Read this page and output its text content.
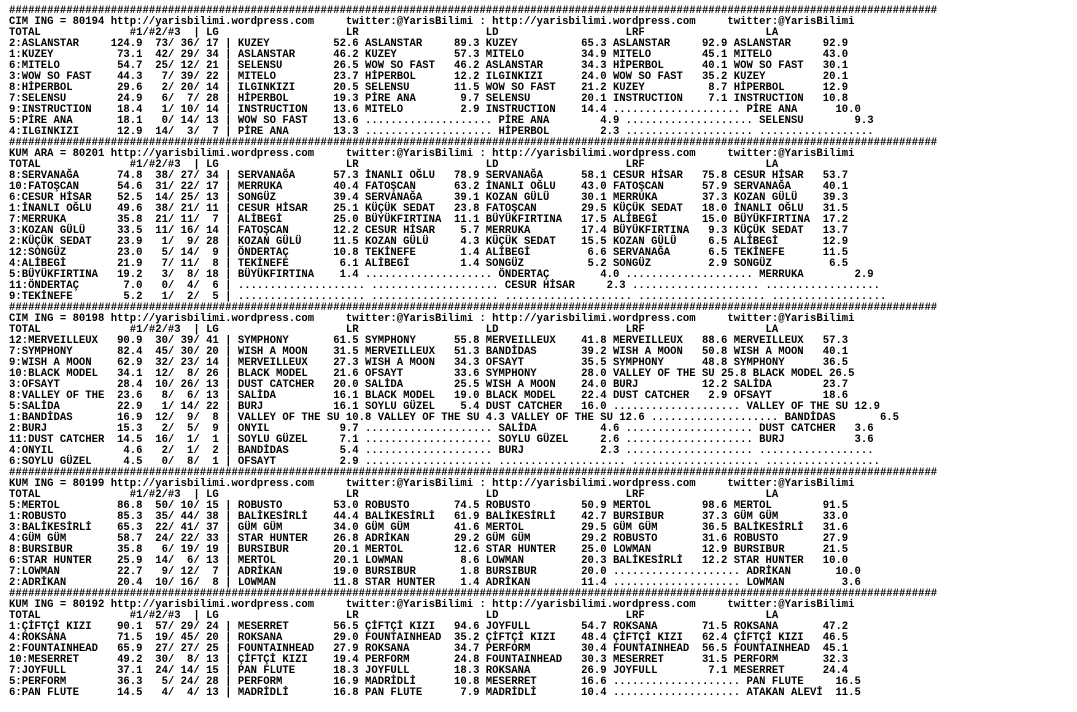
##################################################################################################################################################
CIM ING = 80194 http://yarisbilimi.wordpress.com     twitter:@YarisBilimi : http://yarisbilimi.wordpress.com     twitter:@YarisBilimi
TOTAL              #1/#2/#3  | LG                    LR                    LD                    LRF                   LA
2:ASLANSTAR     124.9  73/ 36/ 17 | KUZEY          52.6 ASLANSTAR     89.3 KUZEY          65.3 ASLANSTAR     92.9 ASLANSTAR     92.9
1:KUZEY          73.1  42/ 29/ 34 | ASLANSTAR      46.2 KUZEY         57.3 MITELO         34.9 MITELO        45.1 MITELO        43.0
6:MITELO         54.7  25/ 12/ 21 | SELENSU        26.5 WOW SO FAST   46.2 ASLANSTAR      34.3 HİPERBOL      40.1 WOW SO FAST   30.1
3:WOW SO FAST    44.3   7/ 39/ 22 | MITELO         23.7 HİPERBOL      12.2 ILGINKIZI      24.0 WOW SO FAST   35.2 KUZEY         20.1
8:HİPERBOL       29.6   2/ 20/ 14 | ILGINKIZI      20.5 SELENSU       11.5 WOW SO FAST    21.2 KUZEY          8.7 HİPERBOL      12.9
7:SELENSU        24.9   6/  7/ 28 | HİPERBOL       19.3 PİRE ANA       9.7 SELENSU        20.1 INSTRUCTION    7.1 INSTRUCTION   10.8
9:INSTRUCTION    18.4   1/ 10/ 14 | INSTRUCTION    13.6 MITELO         2.9 INSTRUCTION    14.4 .................... PİRE ANA      10.0
5:PİRE ANA       18.1   0/ 14/ 13 | WOW SO FAST    13.6 .................... PİRE ANA        4.9 .................... SELENSU        9.3
4:ILGINKIZI      12.9  14/  3/  7 | PİRE ANA       13.3 .................... HİPERBOL        2.3 .................... ..................
##################################################################################################################################################
KUM ARA = 80201 http://yarisbilimi.wordpress.com     twitter:@YarisBilimi : http://yarisbilimi.wordpress.com     twitter:@YarisBilimi
TOTAL              #1/#2/#3  | LG                    LR                    LD                    LRF                   LA
8:SERVANAĞA      74.8  38/ 27/ 34 | SERVANAĞA      57.3 İNANLI OĞLU   78.9 SERVANAĞA      58.1 CESUR HİSAR   75.8 CESUR HİSAR   53.7
10:FATOŞCAN      54.6  31/ 22/ 17 | MERRUKA        40.4 FATOŞCAN      63.2 İNANLI OĞLU    43.0 FATOŞCAN      57.9 SERVANAĞA     40.1
6:CESUR HİSAR    52.5  14/ 25/ 13 | SONGÜZ         39.4 SERVANAĞA     39.1 KOZAN GÜLÜ     30.1 MERRUKA       37.3 KOZAN GÜLÜ    39.3
1:İNANLI OĞLU    49.6  38/ 21/ 11 | CESUR HİSAR    25.1 KÜÇÜK SEDAT   23.8 FATOŞCAN       29.5 KÜÇÜK SEDAT   18.0 İNANLI OĞLU   31.5
7:MERRUKA        35.8  21/ 11/  7 | ALİBEGİ        25.0 BÜYÜKFIRTINA  11.1 BÜYÜKFIRTINA   17.5 ALİBEGİ       15.0 BÜYÜKFIRTINA  17.2
3:KOZAN GÜLÜ     33.5  11/ 16/ 14 | FATOŞCAN       12.2 CESUR HİSAR    5.7 MERRUKA        17.4 BÜYÜKFIRTINA   9.3 KÜÇÜK SEDAT   13.7
2:KÜÇÜK SEDAT    23.9   1/  9/ 28 | KOZAN GÜLÜ     11.5 KOZAN GÜLÜ     4.3 KÜÇÜK SEDAT    15.5 KOZAN GÜLÜ     6.5 ALİBEGİ       12.9
12:SONGÜZ        23.0   5/ 14/  9 | ÖNDERTAÇ       10.8 TEKİNEFE       1.4 ALİBEGİ         6.6 SERVANAĞA      6.5 TEKİNEFE      11.5
4:ALİBEGİ        21.9   7/ 11/  8 | TEKİNEFE        6.1 ALİBEGİ        1.4 SONGÜZ          5.2 SONGÜZ         2.9 SONGÜZ         6.5
5:BÜYÜKFIRTINA   19.2   3/  8/ 18 | BÜYÜKFIRTINA    1.4 .................... ÖNDERTAÇ        4.0 .................... MERRUKA        2.9
11:ÖNDERTAÇ       7.0   0/  4/  6 | .................... .................... CESUR HİSAR     2.3 .................... ..................
9:TEKİNEFE        5.2   1/  2/  5 | .................... .................... .................... .................... ..................
##################################################################################################################################################
CIM ING = 80198 http://yarisbilimi.wordpress.com     twitter:@YarisBilimi : http://yarisbilimi.wordpress.com     twitter:@YarisBilimi
TOTAL              #1/#2/#3  | LG                    LR                    LD                    LRF                   LA
12:MERVEILLEUX   90.9  30/ 39/ 41 | SYMPHONY       61.5 SYMPHONY      55.8 MERVEILLEUX    41.8 MERVEILLEUX   88.6 MERVEILLEUX   57.3
7:SYMPHONY       82.4  45/ 30/ 20 | WISH A MOON    31.5 MERVEILLEUX   51.3 BANDİDAS       39.2 WISH A MOON   50.8 WISH A MOON   40.1
9:WISH A MOON    62.9  32/ 23/ 14 | MERVEILLEUX    27.3 WISH A MOON   34.3 OFSAYT         35.5 SYMPHONY      48.8 SYMPHONY      36.5
10:BLACK MODEL   34.1  12/  8/ 26 | BLACK MODEL    21.6 OFSAYT        33.6 SYMPHONY       28.0 VALLEY OF THE SU 25.8 BLACK MODEL 26.5
3:OFSAYT         28.4  10/ 26/ 13 | DUST CATCHER   20.0 SALİDA        25.5 WISH A MOON    24.0 BURJ          12.2 SALİDA        23.7
8:VALLEY OF THE  23.6   8/  6/ 13 | SALİDA         16.1 BLACK MODEL   19.0 BLACK MODEL    22.4 DUST CATCHER   2.9 OFSAYT        18.6
5:SALİDA         22.9   1/ 14/ 22 | BURJ           16.1 SOYLU GÜZEL    5.4 DUST CATCHER   16.0 .................... VALLEY OF THE SU 12.9
1:BANDİDAS       16.9  12/  9/  8 | VALLEY OF THE SU 10.8 VALLEY OF THE SU 4.3 VALLEY OF THE SU 12.6 .................... BANDİDAS       6.5
2:BURJ           15.3   2/  5/  9 | ONYIL           9.7 .................... SALİDA          4.6 .................... DUST CATCHER   3.6
11:DUST CATCHER  14.5  16/  1/  1 | SOYLU GÜZEL     7.1 .................... SOYLU GÜZEL     2.6 .................... BURJ           3.6
4:ONYIL           4.6   2/  1/  2 | BANDİDAS        5.4 .................... BURJ            2.3 .................... ..................
6:SOYLU GÜZEL     4.5   0/  8/  1 | OFSAYT          2.9 .................... .................... .................... ..................
##################################################################################################################################################
KUM ING = 80199 http://yarisbilimi.wordpress.com     twitter:@YarisBilimi : http://yarisbilimi.wordpress.com     twitter:@YarisBilimi
TOTAL              #1/#2/#3  | LG                    LR                    LD                    LRF                   LA
5:MERTOL         86.8  50/ 10/ 15 | ROBUSTO        53.0 ROBUSTO       74.5 ROBUSTO        50.9 MERTOL        98.6 MERTOL        91.5
1:ROBUSTO        85.3  35/ 44/ 38 | BALİKESİRLİ    44.4 BALİKESİRLİ   61.9 BALİKESİRLİ    42.7 BURSIBUR      37.3 GÜM GÜM       33.0
3:BALİKESİRLİ    65.3  22/ 41/ 37 | GÜM GÜM        34.0 GÜM GÜM       41.6 MERTOL         29.5 GÜM GÜM       36.5 BALİKESİRLİ   31.6
4:GÜM GÜM        58.7  24/ 22/ 33 | STAR HUNTER    26.8 ADRİKAN       29.2 GÜM GÜM        29.2 ROBUSTO       31.6 ROBUSTO       27.9
8:BURSIBUR       35.8   6/ 19/ 19 | BURSIBUR       20.1 MERTOL        12.6 STAR HUNTER    25.0 LOWMAN        12.9 BURSIBUR      21.5
6:STAR HUNTER    25.9  14/  6/ 13 | MERTOL         20.1 LOWMAN         8.6 LOWMAN         20.3 BALİKESİRLİ   12.2 STAR HUNTER   10.0
7:LOWMAN         22.7   9/ 12/  7 | ADRİKAN        19.0 BURSIBUR       1.8 BURSIBUR       20.0 .................... ADRİKAN       10.0
2:ADRİKAN        20.4  10/ 16/  8 | LOWMAN         11.8 STAR HUNTER    1.4 ADRİKAN        11.4 .................... LOWMAN         3.6
##################################################################################################################################################
KUM ING = 80192 http://yarisbilimi.wordpress.com     twitter:@YarisBilimi : http://yarisbilimi.wordpress.com     twitter:@YarisBilimi
TOTAL              #1/#2/#3  | LG                    LR                    LD                    LRF                   LA
1:ÇİFTÇİ KIZI    90.1  57/ 29/ 24 | MESERRET       56.5 ÇİFTÇİ KIZI   94.6 JOYFULL        54.7 ROKSANA       71.5 ROKSANA       47.2
4:ROKSANA        71.5  19/ 45/ 20 | ROKSANA        29.0 FOUNTAINHEAD  35.2 ÇİFTÇİ KIZI    48.4 ÇİFTÇİ KIZI   62.4 ÇİFTÇİ KIZI   46.5
2:FOUNTAINHEAD   65.9  27/ 27/ 25 | FOUNTAINHEAD   27.9 ROKSANA       34.7 PERFORM        30.4 FOUNTAINHEAD  56.5 FOUNTAINHEAD  45.1
10:MESERRET      49.2  30/  8/ 13 | ÇİFTÇİ KIZI    19.4 PERFORM       24.8 FOUNTAINHEAD   30.3 MESERRET      31.5 PERFORM       32.3
7:JOYFULL        37.1  24/ 14/ 15 | PAN FLUTE      18.3 JOYFULL       18.3 ROKSANA        26.9 JOYFULL        7.1 MESERRET      24.4
5:PERFORM        36.3   5/ 24/ 28 | PERFORM        16.9 MADRİDLİ      10.8 MESERRET       16.6 .................... PAN FLUTE     16.5
6:PAN FLUTE      14.5   4/  4/ 13 | MADRİDLİ       16.8 PAN FLUTE      7.9 MADRİDLİ       10.4 .................... ATAKAN ALEVİ  11.5
